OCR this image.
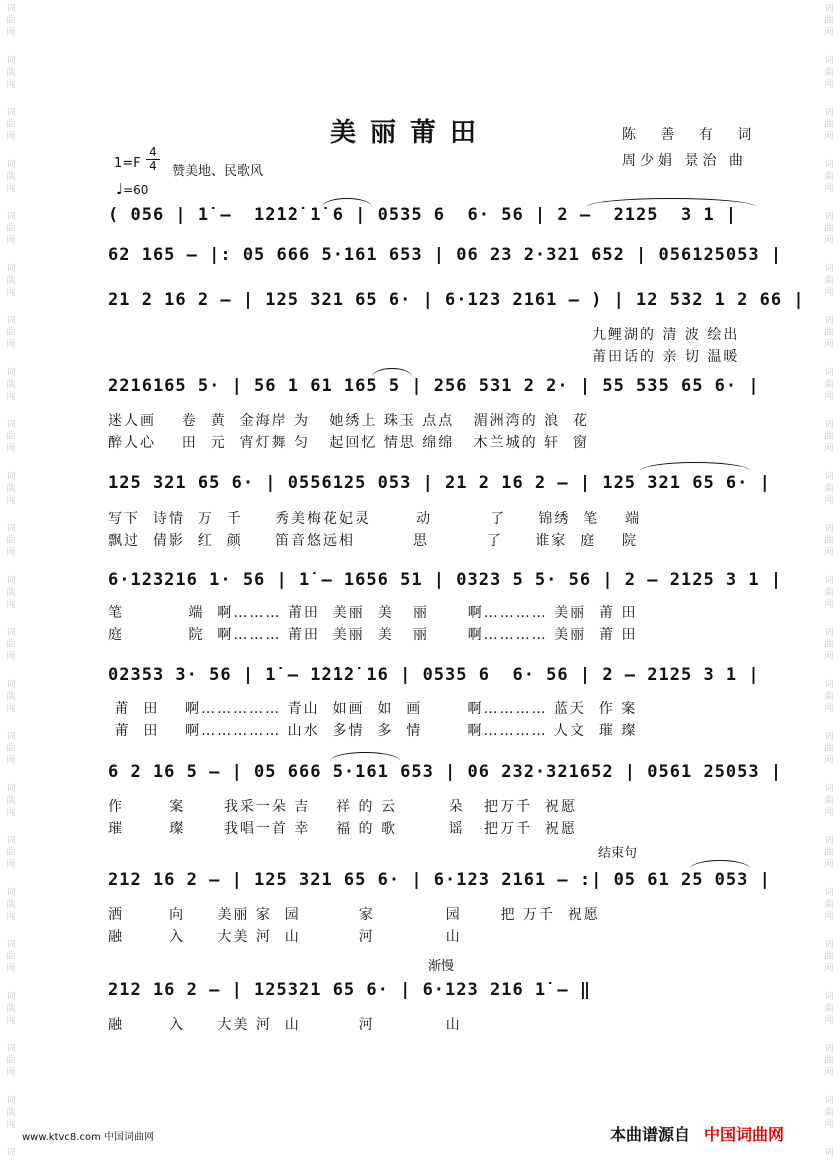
词
曲
网
词
曲
网
词
曲
网
词
曲
网
词
曲
网
词
曲
网
词
曲
网
词
曲
网
词
曲
网
词
曲
网
词
曲
网
词
曲
网
词
曲
网
词
曲
网
词
曲
网
词
曲
网
词
曲
网
词
曲
网
词
曲
网
词
曲
网
词
曲
网
词
曲
网
词
词
曲
网
词
曲
网
词
曲
网
词
曲
网
词
曲
网
词
曲
网
词
曲
网
词
曲
网
词
曲
网
词
曲
网
词
曲
网
词
曲
网
词
曲
网
词
曲
网
词
曲
网
词
曲
网
词
曲
网
词
曲
网
词
曲
网
词
曲
网
词
曲
网
词
曲
网
词
美丽莆田	陈 善 有 词
周少娟 景治 曲
1=F
4
4 赞美地、民歌风
♩=60
( 056 | 1̇ –  1̇2̇1̇2̇ 1̇ 6 | 0535 6  6· 56 | 2 –  2125  3 1 |
62 165 – |: 05 666 5·161 653 | 06 23 2·321 652 | 056125053 |
21 2 16 2 – | 125 321 65 6· | 6·123 2161 – ) | 12 532 1 2 66 |
九鲤湖的 清 波 绘出
莆田话的 亲 切 温暖
2216165 5· | 56 1 61 165 5 | 256 531 2 2· | 55 535 65 6· |
迷人画    卷  黄  金海岸 为   她绣上 珠玉 点点   湄洲湾的 浪  花
醉人心    田  元  宵灯舞 匀   起回忆 情思 绵绵   木兰城的 轩  窗
125 321 65 6· | 0556125 053 | 21 2 16 2 – | 125 321 65 6· |
写下  诗情  万  千     秀美梅花妃灵       动         了     锦绣  笔    端
飘过  倩影  红  颜     笛音悠远相         思         了     谁家  庭    院
6·123216 1· 56 | 1̇ – 1656 51 | 0323 5 5· 56 | 2 – 2125 3 1 |
笔          端  啊……… 莆田  美丽  美   丽      啊………… 美丽  莆 田
庭          院  啊……… 莆田  美丽  美   丽      啊………… 美丽  莆 田
02353 3· 56 | 1̇ – 1̇2̇1̇2̇ 16 | 0535 6  6· 56 | 2 – 2125 3 1 |
莆  田    啊…………… 青山  如画  如  画       啊………… 蓝天  作 案
莆  田    啊…………… 山水  多情  多  情       啊………… 人文  璀 璨
6 2 16 5 – | 05 666 5·161 653 | 06 232·321652 | 0561 25053 |
作       案      我采一朵 吉    祥 的 云        朵   把万千  祝愿
璀       璨      我唱一首 幸    福 的 歌        谣   把万千  祝愿
结束句
212 16 2 – | 125 321 65 6· | 6·123 2161 – :| 05 61 25 053 |
洒       向     美丽 家  园         家           园      把 万千  祝愿
融       入     大美 河  山         河           山
渐慢
212 16 2 – | 125321 65 6· | 6·123 216 1̇ – ‖
融       入     大美 河  山         河           山
www.ktvc8.com 中国词曲网	本曲谱源自 中国词曲网
